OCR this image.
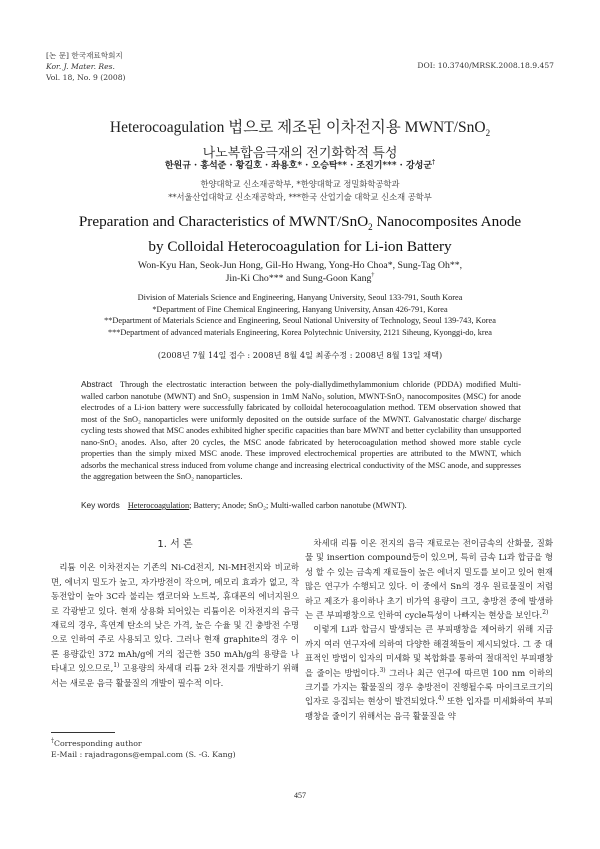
[논 문] 한국재료학회지
Kor. J. Mater. Res.
Vol. 18, No. 9 (2008)
DOI: 10.3740/MRSK.2008.18.9.457
Heterocoagulation 법으로 제조된 이차전지용 MWNT/SnO$_2$
나노복합음극재의 전기화학적 특성
한원규 · 홍석준 · 황길호 · 좌용호* · 오승탁** · 조진기*** · 강성군†
한양대학교 신소재공학부, *한양대학교 정밀화학공학과
**서울산업대학교 신소재공학과, ***한국 산업기술 대학교 신소재 공학부
Preparation and Characteristics of MWNT/SnO$_2$ Nanocomposites Anode
by Colloidal Heterocoagulation for Li-ion Battery
Won-Kyu Han, Seok-Jun Hong, Gil-Ho Hwang, Yong-Ho Choa*, Sung-Tag Oh**,
Jin-Ki Cho*** and Sung-Goon Kang†
Division of Materials Science and Engineering, Hanyang University, Seoul 133-791, South Korea
*Department of Fine Chemical Engineering, Hanyang University, Ansan 426-791, Korea
**Department of Materials Science and Engineering, Seoul National University of Technology, Seoul 139-743, Korea
***Department of advanced materials Engineering, Korea Polytechnic University, 2121 Siheung, Kyonggi-do, krea
(2008년 7월 14일 접수 : 2008년 8월 4일 최종수정 : 2008년 8월 13일 채택)
Abstract Through the electrostatic interaction between the poly-diallydimethylammonium chloride (PDDA) modified Multi-walled carbon nanotube (MWNT) and SnO₂ suspension in 1mM NaNo₃ solution, MWNT-SnO₂ nanocomposites (MSC) for anode electrodes of a Li-ion battery were successfully fabricated by colloidal heterocoagulation method. TEM observation showed that most of the SnO₂ nanoparticles were uniformly deposited on the outside surface of the MWNT. Galvanostatic charge/ discharge cycling tests showed that MSC anodes exhibited higher specific capacities than bare MWNT and better cyclability than unsupported nano-SnO₂ anodes. Also, after 20 cycles, the MSC anode fabricated by heterocoagulation method showed more stable cycle properties than the simply mixed MSC anode. These improved electrochemical properties are attributed to the MWNT, which adsorbs the mechanical stress induced from volume change and increasing electrical conductivity of the MSC anode, and suppresses the aggregation between the SnO₂ nanoparticles.
Key words Heterocoagulation; Battery; Anode; SnO₂; Multi-walled carbon nanotube (MWNT).
1. 서 론

리튬 이온 이차전지는 기존의 Ni-Cd전지, Ni-MH전지와 비교하면, 에너지 밀도가 높고, 자가방전이 작으며, 메모리 효과가 없고, 작동전압이 높아 3C라 불리는 캠코더와 노트북, 휴대폰의 에너지원으로 각광받고 있다. 현재 상용화 되어있는 리튬이온 이차전지의 음극재료의 경우, 흑연계 탄소의 낮은 가격, 높은 수율 및 긴 충방전 수명으로 인하여 주로 사용되고 있다. 그러나 현재 graphite의 경우 이론 용량값인 372 mAh/g에 거의 접근한 350 mAh/g의 용량을 나타내고 있으므로,$^{1)}$ 고용량의 차세대 리튬 2차 전지를 개발하기 위해서는 새로운 음극 활물질의 개발이 필수적 이다.

차세대 리튬 이온 전지의 음극 재료로는 전이금속의 산화물, 질화물 및 insertion compound등이 있으며, 특히 금속 Li과 합금을 형성 할 수 있는 금속계 재료들이 높은 에너지 밀도를 보이고 있어 현재 많은 연구가 수행되고 있다. 이 중에서 Sn의 경우 원료물질이 저렴하고 제조가 용이하나 초기 비가역 용량이 크고, 충방전 중에 발생하는 큰 부피팽창으로 인하여 cycle특성이 나빠지는 현상을 보인다.$^{2)}$

이렇게 Li과 합금시 발생되는 큰 부피팽창을 제어하기 위해 지금까지 여러 연구자에 의하여 다양한 해결책들이 제시되었다. 그 중 대표적인 방법이 입자의 미세화 및 복합화를 통하여 절대적인 부피팽창을 줄이는 방법이다.$^{3)}$ 그러나 최근 연구에 따르면 100 nm 이하의 크기를 가지는 활물질의 경우 충방전이 진행될수록 마이크로크기의 입자로 응집되는 현상이 발견되었다.$^{4)}$ 또한 입자를 미세화하여 부피팽창을 줄이기 위해서는 음극 활물질을 약

†Corresponding author
E-Mail : rajadragons@empal.com (S. -G. Kang)
457
